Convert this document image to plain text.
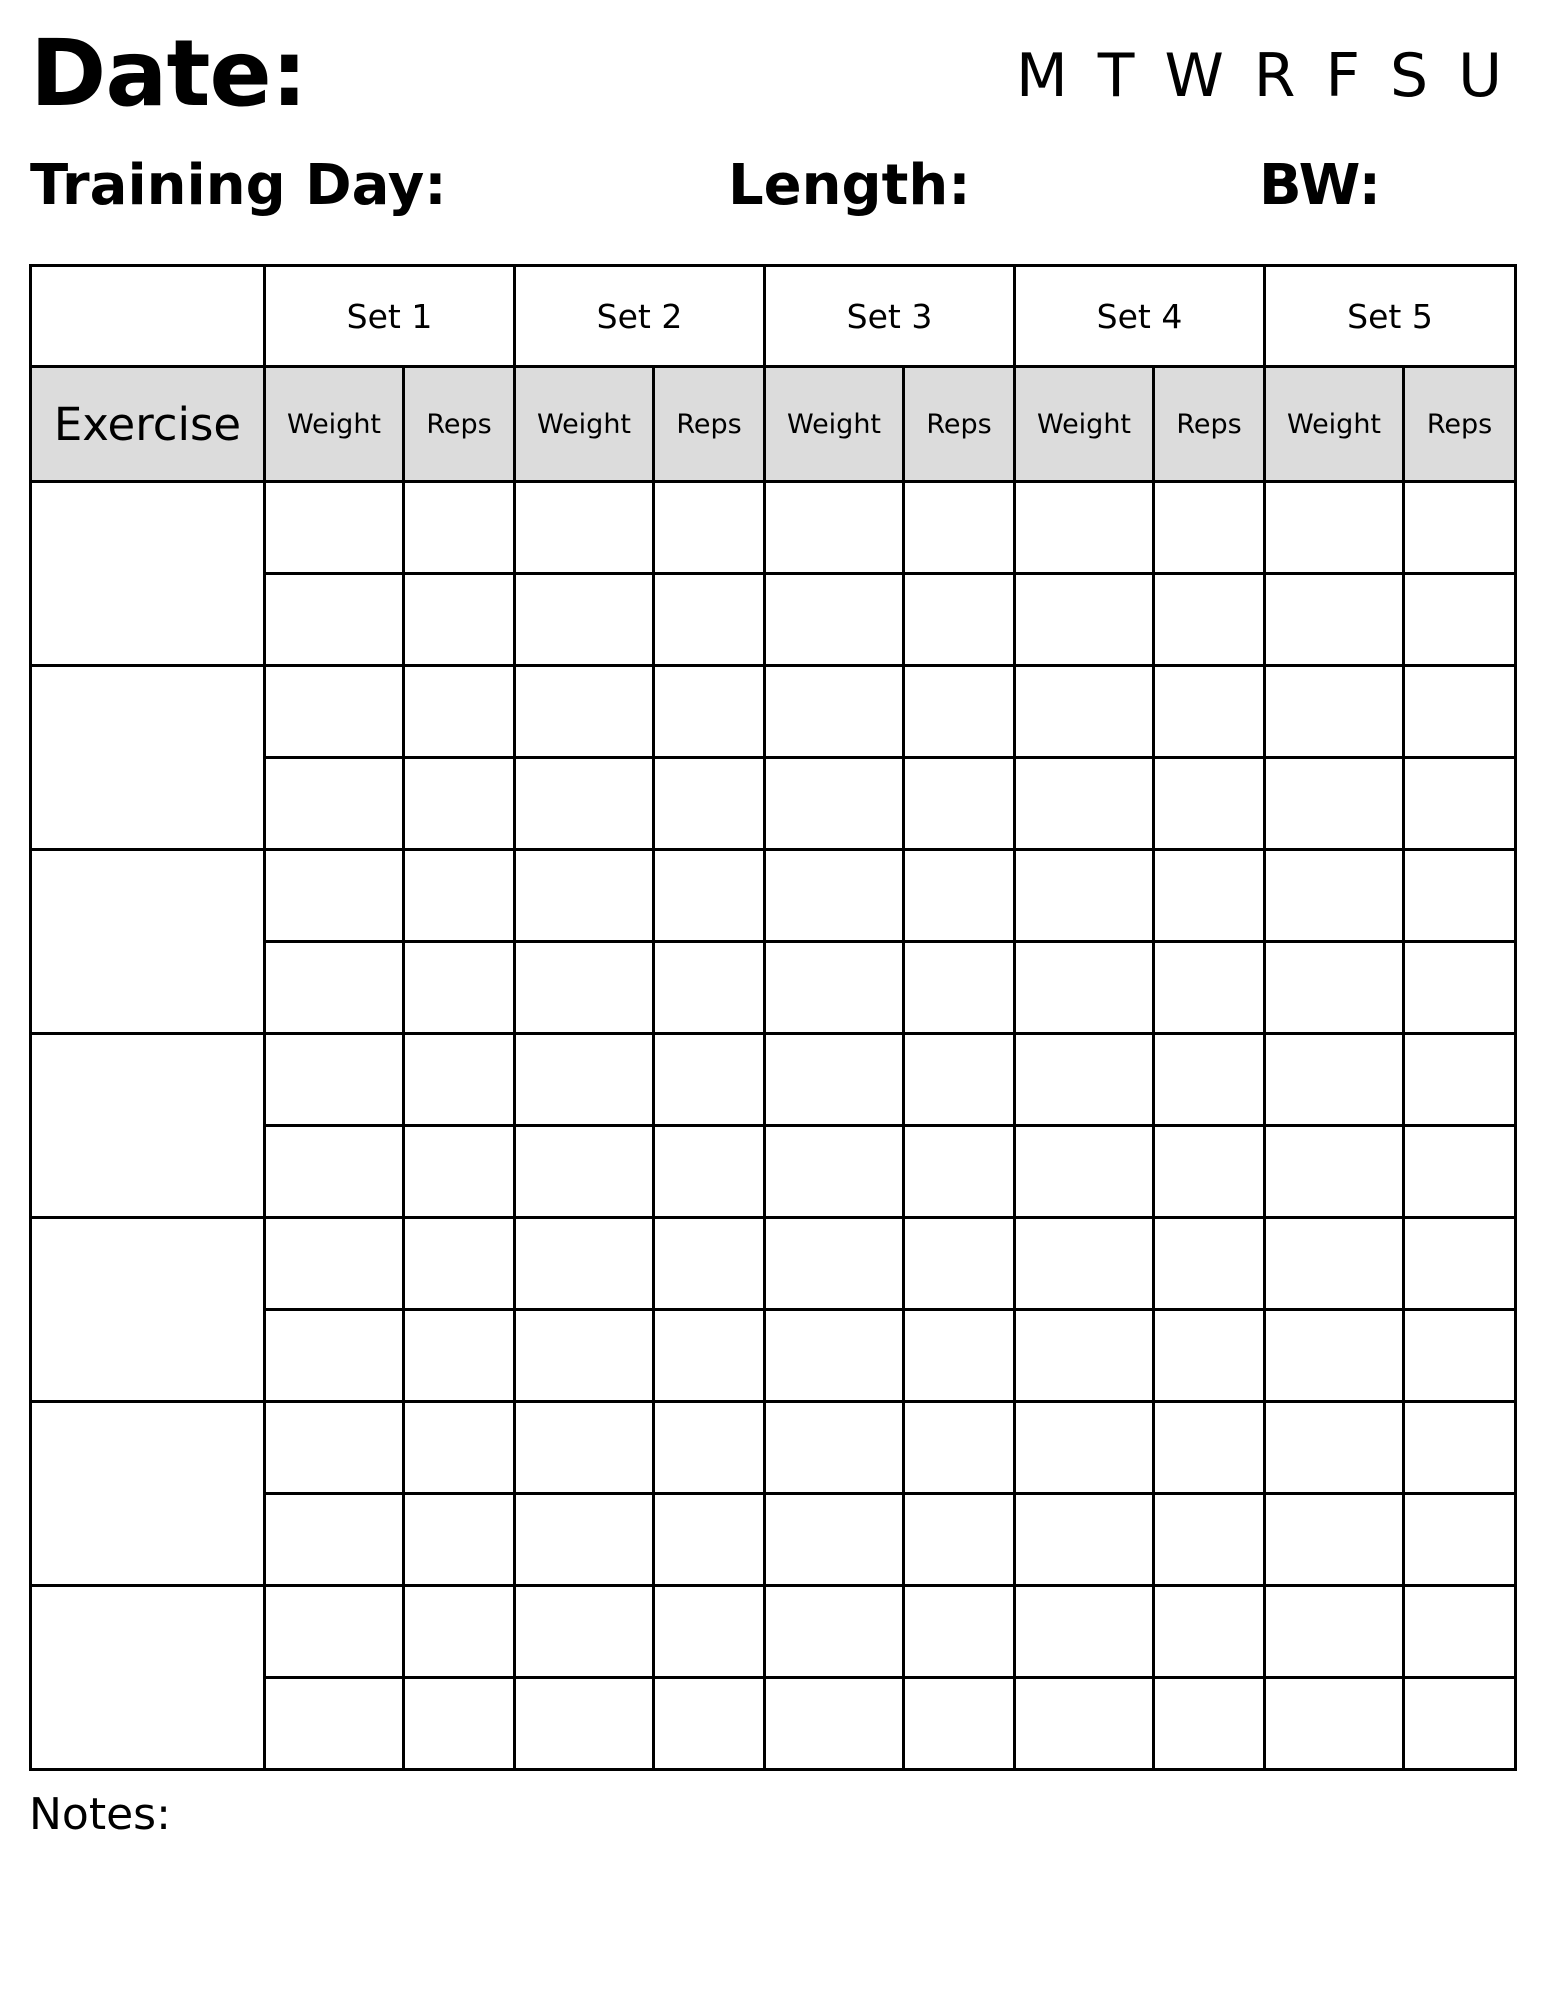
Date:	M T W R F S U
Training Day:	Length:	BW:
	Set 1		Set 2		Set 3		Set 4		Set 5	
Exercise	Weight	Reps	Weight	Reps	Weight	Reps	Weight	Reps	Weight	Reps

Notes:
